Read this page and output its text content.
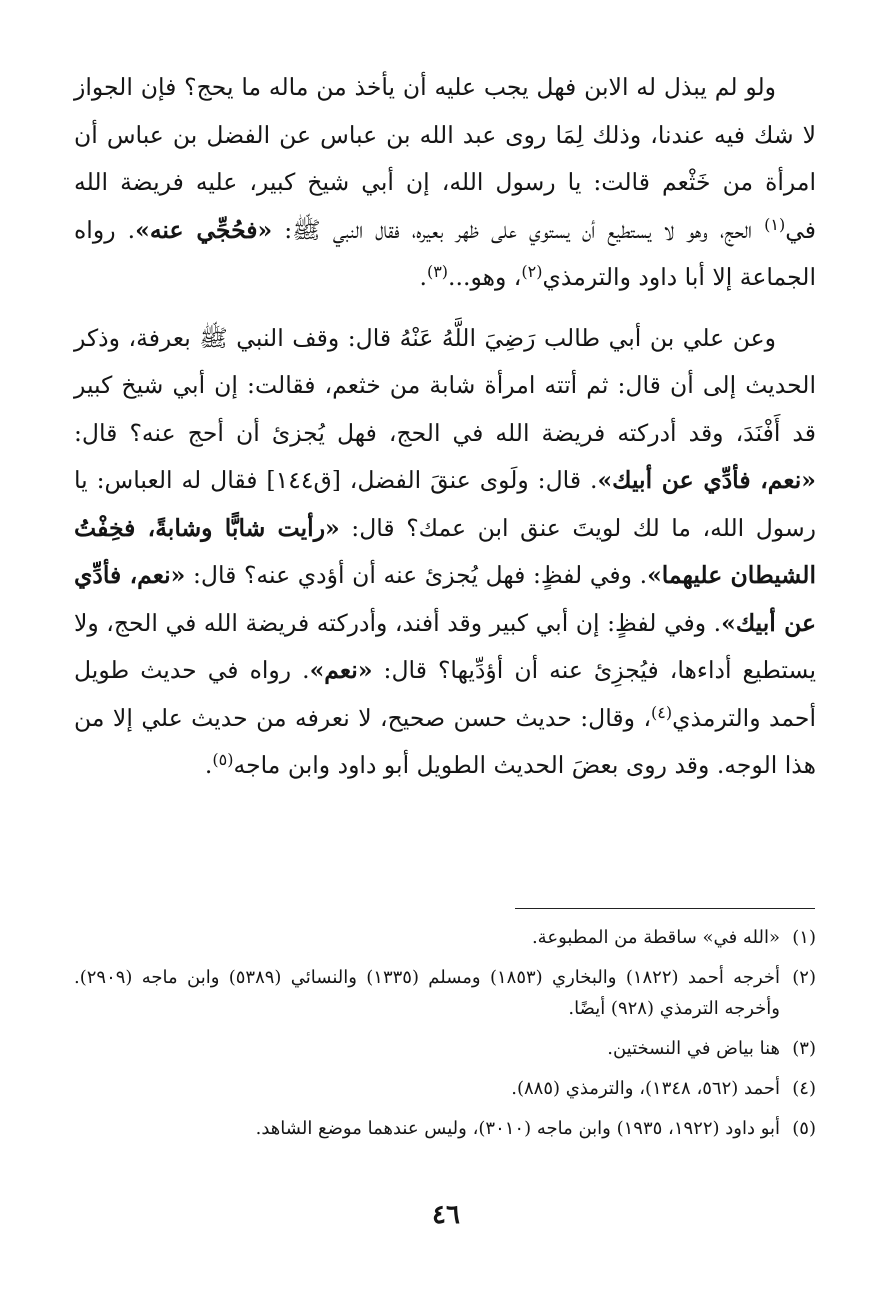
ولو لم يبذل له الابن فهل يجب عليه أن يأخذ من ماله ما يحج؟ فإن الجواز لا شك فيه عندنا، وذلك لِمَا روى عبد الله بن عباس عن الفضل بن عباس أن امرأة من خَثْعم قالت: يا رسول الله، إن أبي شيخ كبير، عليه فريضة الله في$^{(١)}$ الحج، وهو لا يستطيع أن يستوي على ظهر بعيره، فقال النبي ﷺ: «فحُجِّي عنه». رواه الجماعة إلا أبا داود والترمذي$^{(٢)}$، وهو...$^{(٣)}$.

وعن علي بن أبي طالب رَضِيَ اللَّهُ عَنْهُ قال: وقف النبي ﷺ بعرفة، وذكر الحديث إلى أن قال: ثم أتته امرأة شابة من خثعم، فقالت: إن أبي شيخ كبير قد أَفْنَدَ، وقد أدركته فريضة الله في الحج، فهل يُجزئ أن أحج عنه؟ قال: «نعم، فأدِّي عن أبيك». قال: ولَوى عنقَ الفضل، [ق١٤٤] فقال له العباس: يا رسول الله، ما لك لويتَ عنق ابن عمك؟ قال: «رأيت شابًّا وشابةً، فخِفْتُ الشيطان عليهما». وفي لفظٍ: فهل يُجزئ عنه أن أؤدي عنه؟ قال: «نعم، فأدِّي عن أبيك». وفي لفظٍ: إن أبي كبير وقد أفند، وأدركته فريضة الله في الحج، ولا يستطيع أداءها، فيُجزِئ عنه أن أؤدِّيها؟ قال: «نعم». رواه في حديث طويل أحمد والترمذي$^{(٤)}$، وقال: حديث حسن صحيح، لا نعرفه من حديث علي إلا من هذا الوجه. وقد روى بعضَ الحديث الطويل أبو داود وابن ماجه$^{(٥)}$.

(١)
«الله في» ساقطة من المطبوعة.
(٢)
أخرجه أحمد (١٨٢٢) والبخاري (١٨٥٣) ومسلم (١٣٣٥) والنسائي (٥٣٨٩) وابن ماجه (٢٩٠٩). وأخرجه الترمذي (٩٢٨) أيضًا.
(٣)
هنا بياض في النسختين.
(٤)
أحمد (٥٦٢، ١٣٤٨)، والترمذي (٨٨٥).
(٥)
أبو داود (١٩٢٢، ١٩٣٥) وابن ماجه (٣٠١٠)، وليس عندهما موضع الشاهد.
٤٦
